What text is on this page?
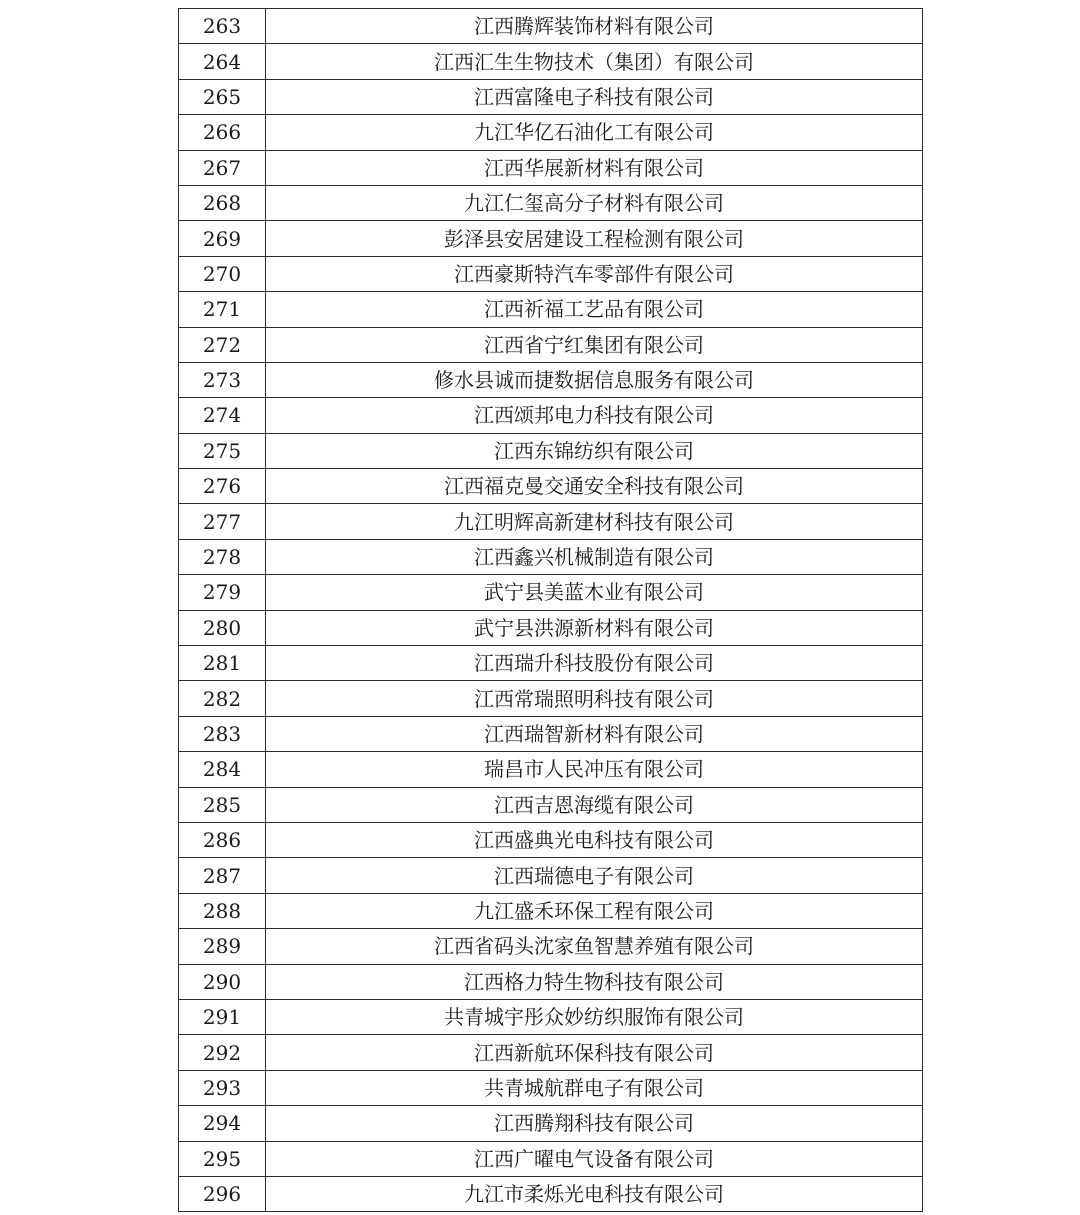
263	江西腾辉装饰材料有限公司
264	江西汇生生物技术（集团）有限公司
265	江西富隆电子科技有限公司
266	九江华亿石油化工有限公司
267	江西华展新材料有限公司
268	九江仁玺高分子材料有限公司
269	彭泽县安居建设工程检测有限公司
270	江西豪斯特汽车零部件有限公司
271	江西祈福工艺品有限公司
272	江西省宁红集团有限公司
273	修水县诚而捷数据信息服务有限公司
274	江西颂邦电力科技有限公司
275	江西东锦纺织有限公司
276	江西福克曼交通安全科技有限公司
277	九江明辉高新建材科技有限公司
278	江西鑫兴机械制造有限公司
279	武宁县美蓝木业有限公司
280	武宁县洪源新材料有限公司
281	江西瑞升科技股份有限公司
282	江西常瑞照明科技有限公司
283	江西瑞智新材料有限公司
284	瑞昌市人民冲压有限公司
285	江西吉恩海缆有限公司
286	江西盛典光电科技有限公司
287	江西瑞德电子有限公司
288	九江盛禾环保工程有限公司
289	江西省码头沈家鱼智慧养殖有限公司
290	江西格力特生物科技有限公司
291	共青城宇彤众妙纺织服饰有限公司
292	江西新航环保科技有限公司
293	共青城航群电子有限公司
294	江西腾翔科技有限公司
295	江西广曜电气设备有限公司
296	九江市柔烁光电科技有限公司
